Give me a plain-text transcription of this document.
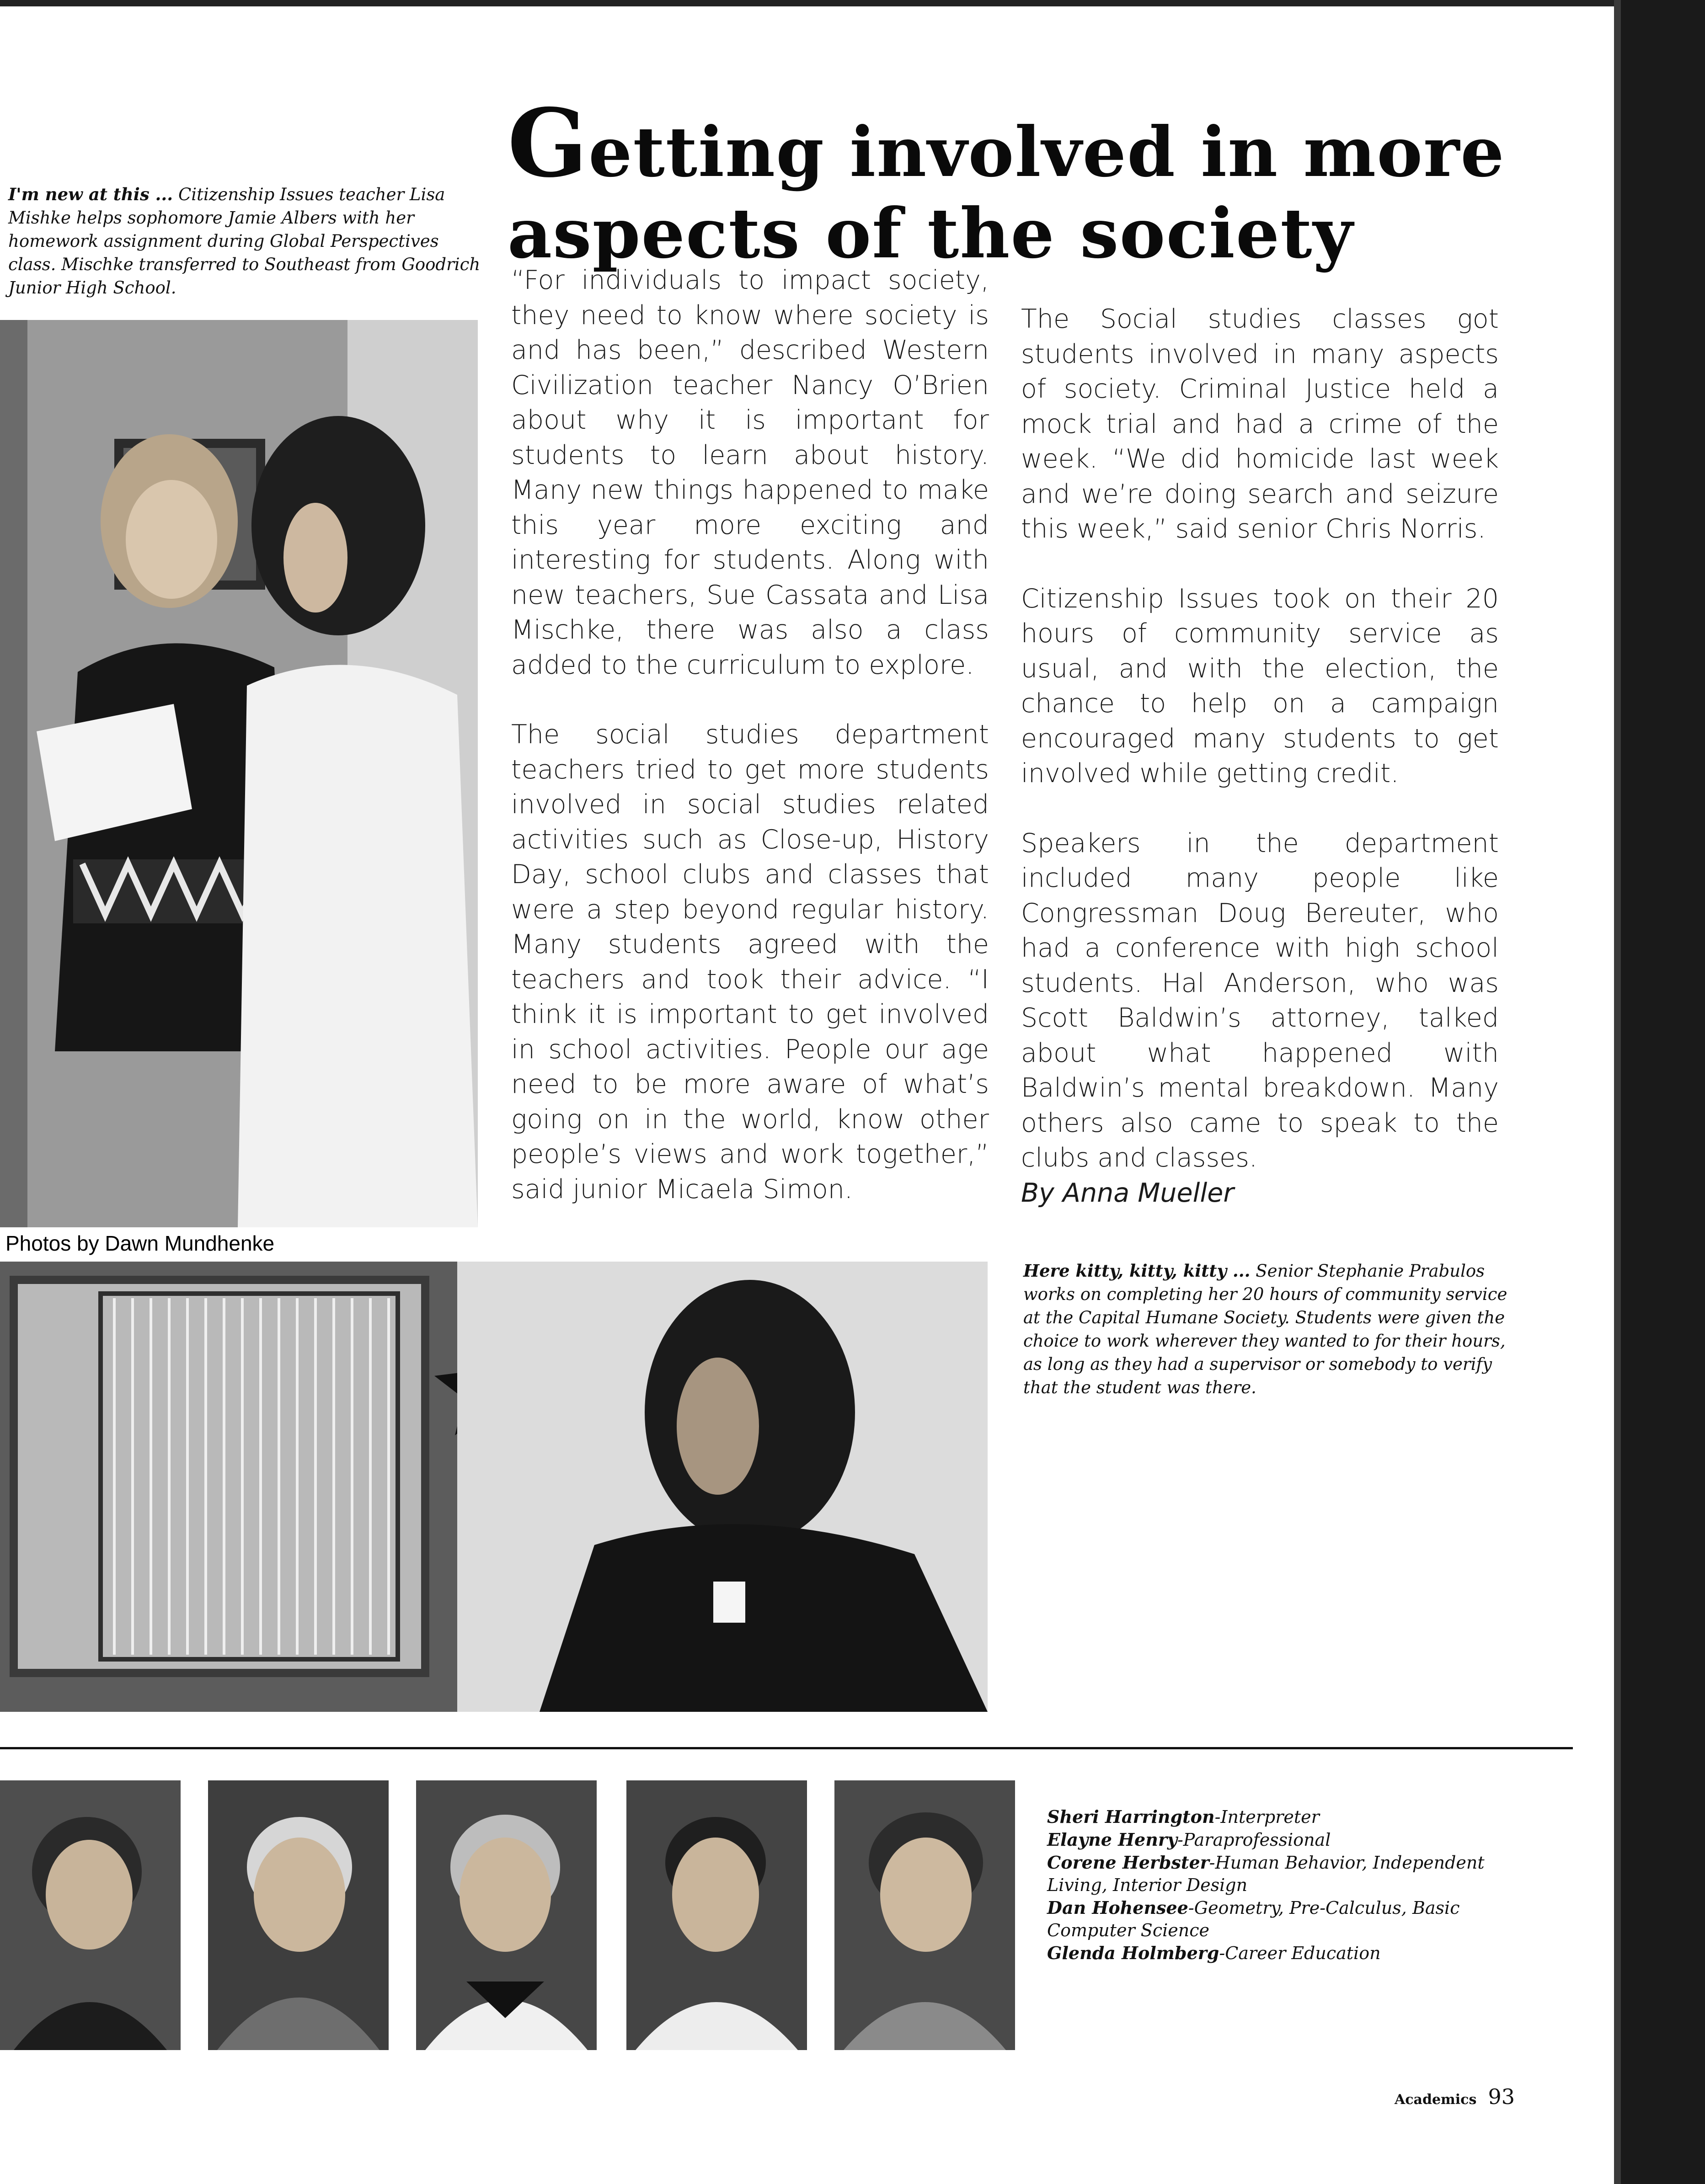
Getting involved in more
aspects of the society
I'm new at this ... Citizenship Issues teacher Lisa Mishke helps sophomore Jamie Albers with her homework assignment during Global Perspectives class. Mischke transferred to Southeast from Goodrich Junior High School.
Photos by Dawn Mundhenke

“For individuals to impact society, they need to know where society is and has been,” described Western Civilization teacher Nancy O’Brien about why it is important for students to learn about history. Many new things happened to make this year more exciting and interesting for students. Along with new teachers, Sue Cassata and Lisa Mischke, there was also a class added to the curriculum to explore.

The social studies department teachers tried to get more students involved in social studies related activities such as Close-up, History Day, school clubs and classes that were a step beyond regular history. Many students agreed with the teachers and took their advice. “I think it is important to get involved in school activities. People our age need to be more aware of what’s going on in the world, know other people’s views and work together,” said junior Micaela Simon.

The Social studies classes got students involved in many aspects of society. Criminal Justice held a mock trial and had a crime of the week. “We did homicide last week and we’re doing search and seizure this week,” said senior Chris Norris.

Citizenship Issues took on their 20 hours of community service as usual, and with the election, the chance to help on a campaign encouraged many students to get involved while getting credit.

Speakers in the department included many people like Congressman Doug Bereuter, who had a conference with high school students. Hal Anderson, who was Scott Baldwin’s attorney, talked about what happened with Baldwin’s mental breakdown. Many others also came to speak to the clubs and classes.

By Anna Mueller

Here kitty, kitty, kitty ... Senior Stephanie Prabulos works on completing her 20 hours of community service at the Capital Humane Society. Students were given the choice to work wherever they wanted to for their hours, as long as they had a supervisor or somebody to verify that the student was there.

Sheri Harrington-Interpreter

Elayne Henry-Paraprofessional

Corene Herbster-Human Behavior, Independent Living, Interior Design

Dan Hohensee-Geometry, Pre-Calculus, Basic Computer Science

Glenda Holmberg-Career Education

Academics 93
